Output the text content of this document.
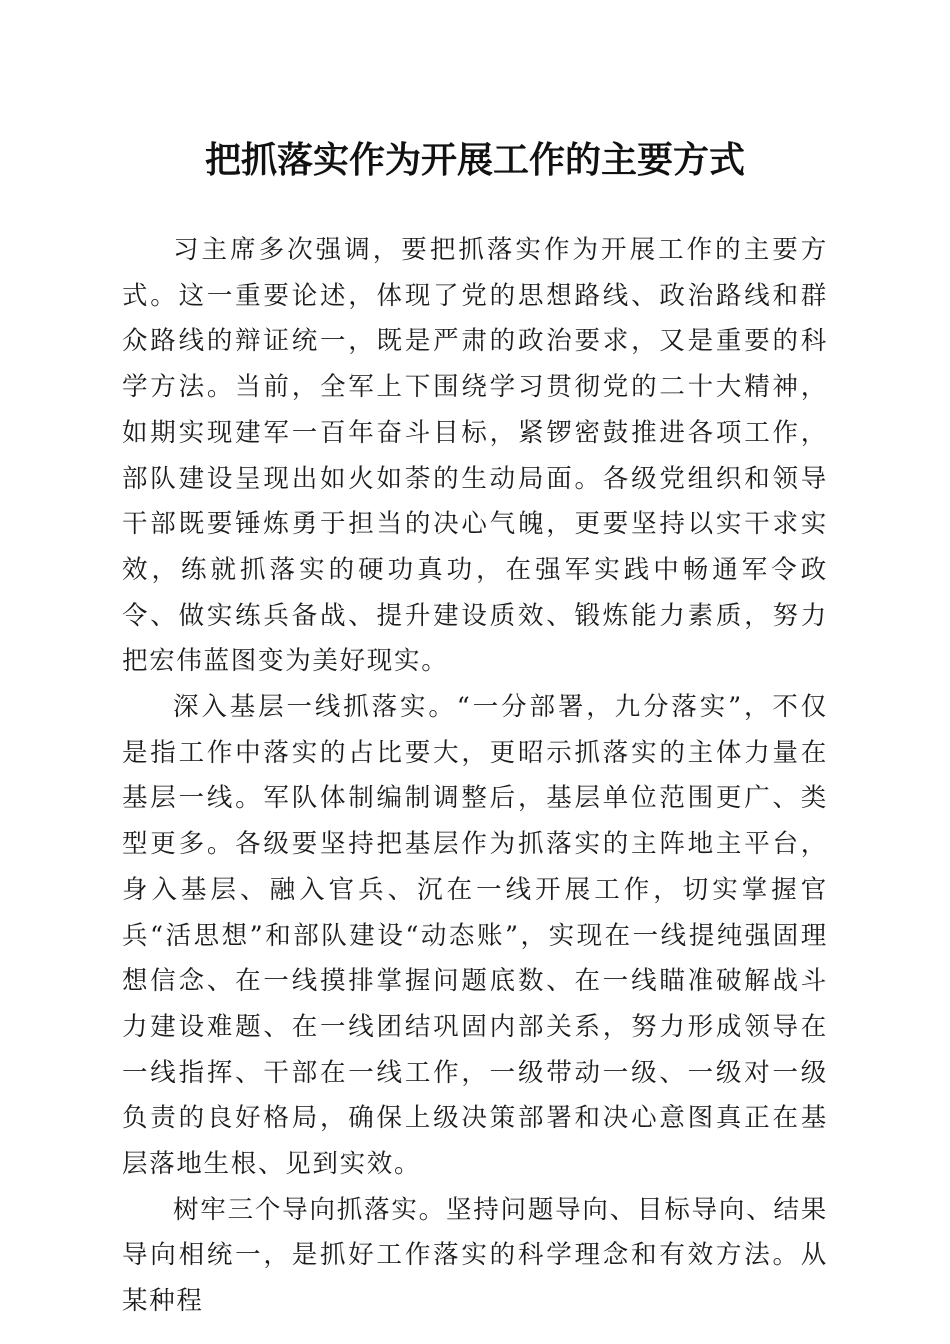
把抓落实作为开展工作的主要方式

习主席多次强调，要把抓落实作为开展工作的主要方式。这一重要论述，体现了党的思想路线、政治路线和群众路线的辩证统一，既是严肃的政治要求，又是重要的科学方法。当前，全军上下围绕学习贯彻党的二十大精神，如期实现建军一百年奋斗目标，紧锣密鼓推进各项工作，部队建设呈现出如火如荼的生动局面。各级党组织和领导干部既要锤炼勇于担当的决心气魄，更要坚持以实干求实效，练就抓落实的硬功真功，在强军实践中畅通军令政令、做实练兵备战、提升建设质效、锻炼能力素质，努力把宏伟蓝图变为美好现实。

深入基层一线抓落实。“一分部署，九分落实”，不仅是指工作中落实的占比要大，更昭示抓落实的主体力量在基层一线。军队体制编制调整后，基层单位范围更广、类型更多。各级要坚持把基层作为抓落实的主阵地主平台，身入基层、融入官兵、沉在一线开展工作，切实掌握官兵“活思想”和部队建设“动态账”，实现在一线提纯强固理想信念、在一线摸排掌握问题底数、在一线瞄准破解战斗力建设难题、在一线团结巩固内部关系，努力形成领导在一线指挥、干部在一线工作，一级带动一级、一级对一级负责的良好格局，确保上级决策部署和决心意图真正在基层落地生根、见到实效。

树牢三个导向抓落实。坚持问题导向、目标导向、结果导向相统一，是抓好工作落实的科学理念和有效方法。从某种程
